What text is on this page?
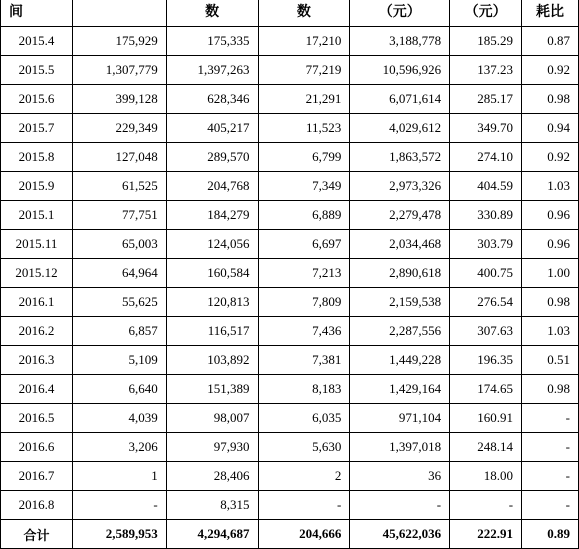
间		数	数	（元）	（元）	耗比
2015.4	175,929	175,335	17,210	3,188,778	185.29	0.87
2015.5	1,307,779	1,397,263	77,219	10,596,926	137.23	0.92
2015.6	399,128	628,346	21,291	6,071,614	285.17	0.98
2015.7	229,349	405,217	11,523	4,029,612	349.70	0.94
2015.8	127,048	289,570	6,799	1,863,572	274.10	0.92
2015.9	61,525	204,768	7,349	2,973,326	404.59	1.03
2015.1	77,751	184,279	6,889	2,279,478	330.89	0.96
2015.11	65,003	124,056	6,697	2,034,468	303.79	0.96
2015.12	64,964	160,584	7,213	2,890,618	400.75	1.00
2016.1	55,625	120,813	7,809	2,159,538	276.54	0.98
2016.2	6,857	116,517	7,436	2,287,556	307.63	1.03
2016.3	5,109	103,892	7,381	1,449,228	196.35	0.51
2016.4	6,640	151,389	8,183	1,429,164	174.65	0.98
2016.5	4,039	98,007	6,035	971,104	160.91	-
2016.6	3,206	97,930	5,630	1,397,018	248.14	-
2016.7	1	28,406	2	36	18.00	-
2016.8	-	8,315	-	-	-	-
合计	2,589,953	4,294,687	204,666	45,622,036	222.91	0.89
